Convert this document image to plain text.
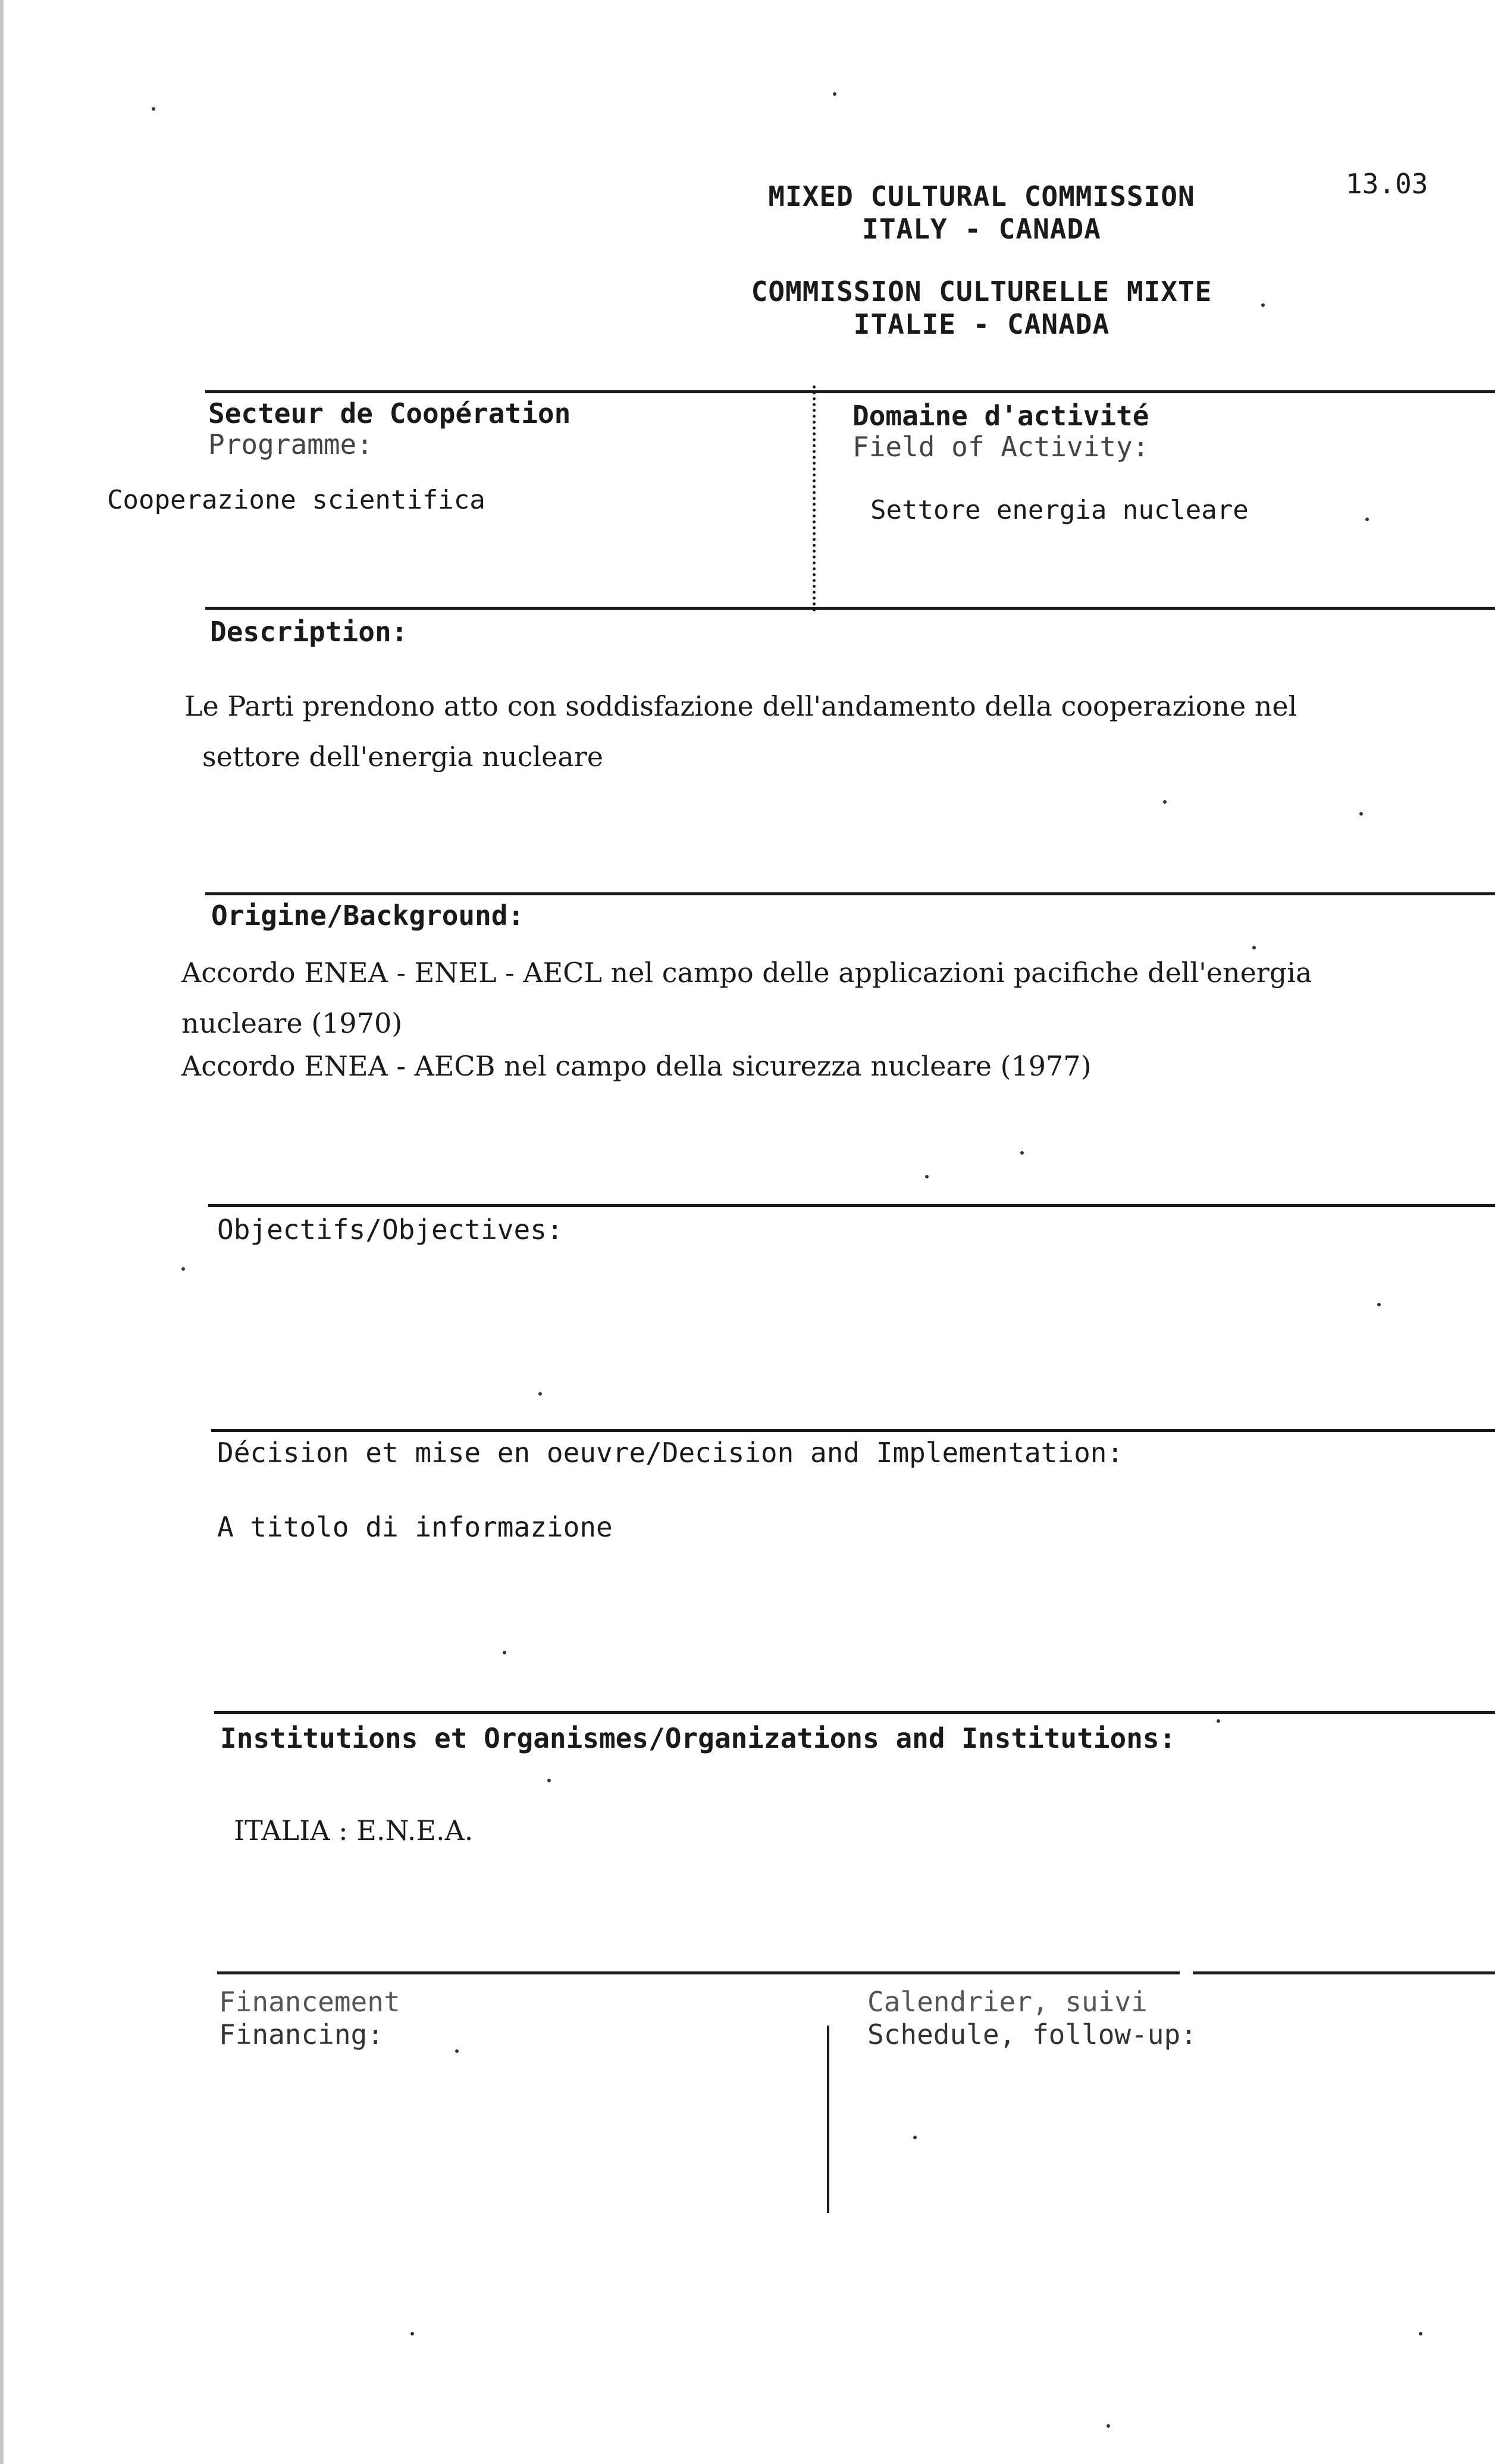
13.03
MIXED CULTURAL COMMISSION
ITALY - CANADA
COMMISSION CULTURELLE MIXTE
ITALIE - CANADA
Secteur de Coopération
Programme:
Cooperazione scientifica
Domaine d'activité
Field of Activity:
Settore energia nucleare
Description:
Le Parti prendono atto con soddisfazione dell'andamento della cooperazione nel
settore dell'energia nucleare
Origine/Background:
Accordo ENEA - ENEL - AECL nel campo delle applicazioni pacifiche dell'energia
nucleare (1970)
Accordo ENEA - AECB nel campo della sicurezza nucleare (1977)
Objectifs/Objectives:
Décision et mise en oeuvre/Decision and Implementation:
A titolo di informazione
Institutions et Organismes/Organizations and Institutions:
ITALIA : E.N.E.A.
Financement
Financing:
Calendrier, suivi
Schedule, follow-up:
